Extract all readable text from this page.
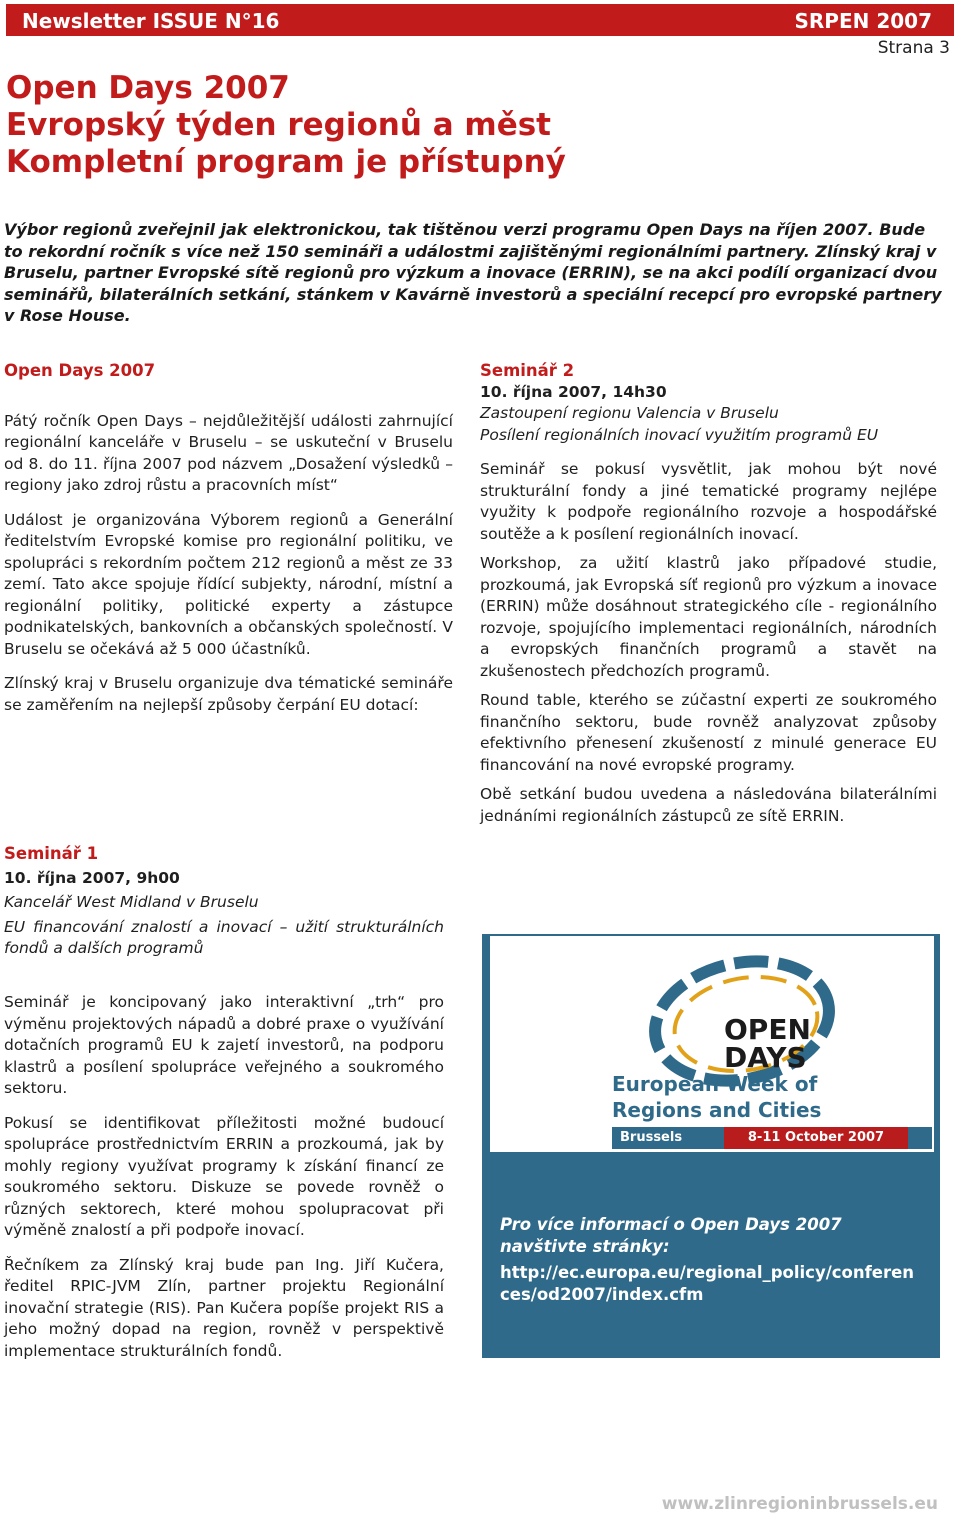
Newsletter ISSUE N°16	SRPEN 2007
Strana 3
Open Days 2007
Evropský týden regionů a měst
Kompletní program je přístupný

Výbor regionů zveřejnil jak elektronickou, tak tištěnou verzi programu Open Days na říjen 2007. Bude to rekordní ročník s více než 150 semináři a událostmi zajištěnými regionálními partnery. Zlínský kraj v Bruselu, partner Evropské sítě regionů pro výzkum a inovace (ERRIN), se na akci podílí organizací dvou seminářů, bilaterálních setkání, stánkem v Kavárně investorů a speciální recepcí pro evropské partnery v Rose House.

Open Days 2007

Pátý ročník Open Days – nejdůležitější události zahrnující regionální kanceláře v Bruselu – se uskuteční v Bruselu od 8. do 11. října 2007 pod názvem „Dosažení výsledků – regiony jako zdroj růstu a pracovních míst“

Událost je organizována Výborem regionů a Generální ředitelstvím Evropské komise pro regionální politiku, ve spolupráci s rekordním počtem 212 regionů a měst ze 33 zemí. Tato akce spojuje řídící subjekty, národní, místní a regionální politiky, politické experty a zástupce podnikatelských, bankovních a občanských společností. V Bruselu se očekává až 5 000 účastníků.

Zlínský kraj v Bruselu organizuje dva tématické semináře se zaměřením na nejlepší způsoby čerpání EU dotací:

Seminář 1
10. října 2007, 9h00
Kancelář West Midland v Bruselu

EU financování znalostí a inovací – užití strukturálních fondů a dalších programů

Seminář je koncipovaný jako interaktivní „trh“ pro výměnu projektových nápadů a dobré praxe o využívání dotačních programů EU k zajetí investorů, na podporu klastrů a posílení spolupráce veřejného a soukromého sektoru.

Pokusí se identifikovat příležitosti možné budoucí spolupráce prostřednictvím ERRIN a prozkoumá, jak by mohly regiony využívat programy k získání financí ze soukromého sektoru. Diskuze se povede rovněž o různých sektorech, které mohou spolupracovat při výměně znalostí a při podpoře inovací.

Řečníkem za Zlínský kraj bude pan Ing. Jiří Kučera, ředitel RPIC-JVM Zlín, partner projektu Regionální inovační strategie (RIS). Pan Kučera popíše projekt RIS a jeho možný dopad na region, rovněž v perspektivě implementace strukturálních fondů.

Seminář 2
10. října 2007, 14h30
Zastoupení regionu Valencia v Bruselu
Posílení regionálních inovací využitím programů EU

Seminář se pokusí vysvětlit, jak mohou být nové strukturální fondy a jiné tematické programy nejlépe využity k podpoře regionálního rozvoje a hospodářské soutěže a k posílení regionálních inovací.

Workshop, za užití klastrů jako případové studie, prozkoumá, jak Evropská síť regionů pro výzkum a inovace (ERRIN) může dosáhnout strategického cíle - regionálního rozvoje, spojujícího implementaci regionálních, národních a evropských finančních programů a stavět na zkušenostech předchozích programů.

Round table, kterého se zúčastní experti ze soukromého finančního sektoru, bude rovněž analyzovat způsoby efektivního přenesení zkušeností z minulé generace EU financování na nové evropské programy.

Obě setkání budou uvedena a následována bilaterálními jednáními regionálních zástupců ze sítě ERRIN.

OPEN
DAYS
European Week of
Regions and Cities
Brussels	8-11 October 2007
Pro více informací o Open Days 2007 navštivte stránky:
http://ec.europa.eu/regional_policy/conferences/od2007/index.cfm
www.zlinregioninbrussels.eu
